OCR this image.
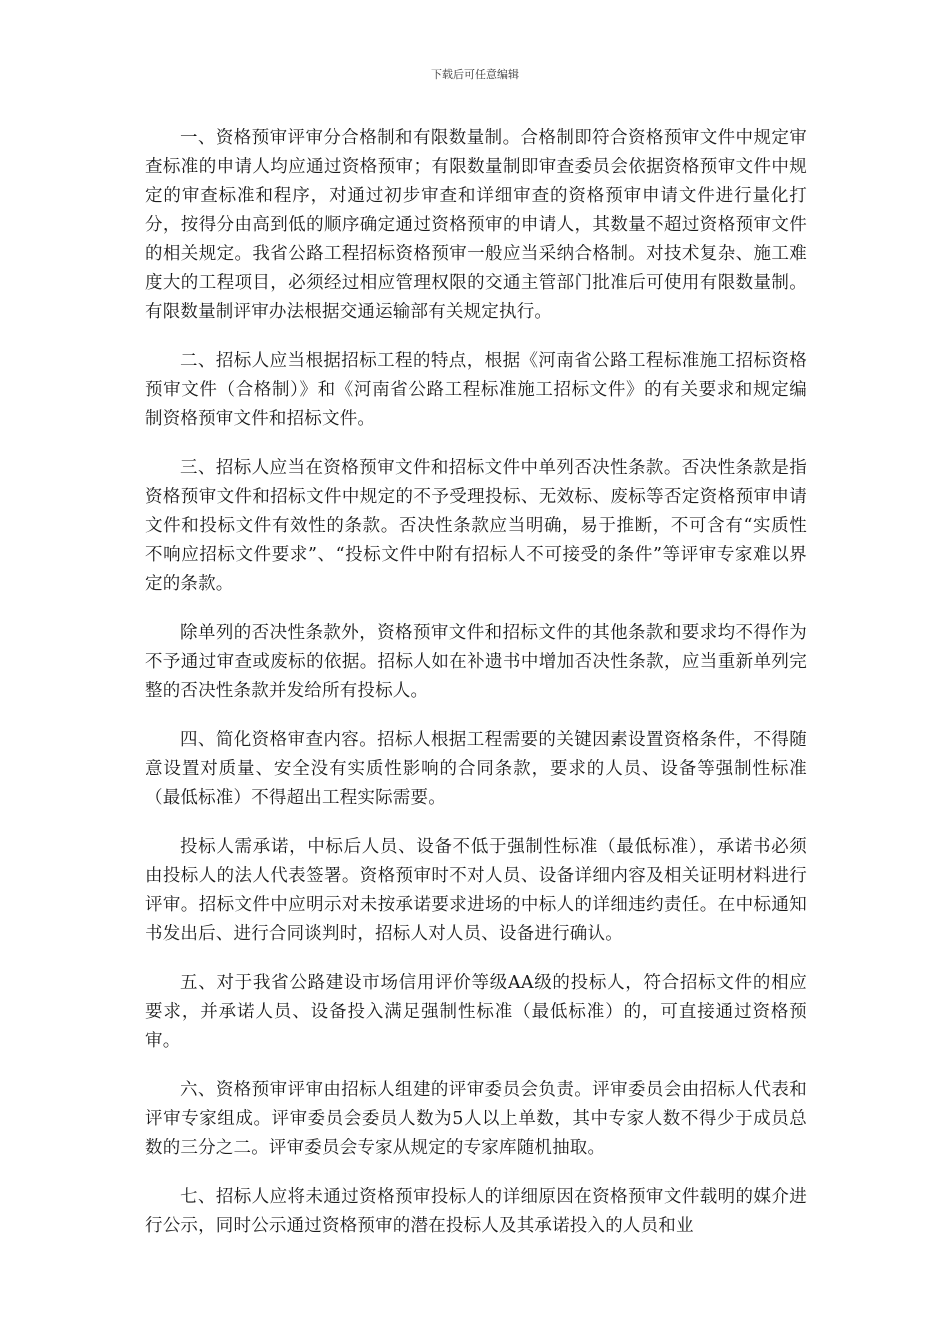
下载后可任意编辑

一、资格预审评审分合格制和有限数量制。合格制即符合资格预审文件中规定审查标准的申请人均应通过资格预审；有限数量制即审查委员会依据资格预审文件中规定的审查标准和程序，对通过初步审查和详细审查的资格预审申请文件进行量化打分，按得分由高到低的顺序确定通过资格预审的申请人，其数量不超过资格预审文件的相关规定。我省公路工程招标资格预审一般应当采纳合格制。对技术复杂、施工难度大的工程项目，必须经过相应管理权限的交通主管部门批准后可使用有限数量制。有限数量制评审办法根据交通运输部有关规定执行。

二、招标人应当根据招标工程的特点，根据《河南省公路工程标准施工招标资格预审文件（合格制）》和《河南省公路工程标准施工招标文件》的有关要求和规定编制资格预审文件和招标文件。

三、招标人应当在资格预审文件和招标文件中单列否决性条款。否决性条款是指资格预审文件和招标文件中规定的不予受理投标、无效标、废标等否定资格预审申请文件和投标文件有效性的条款。否决性条款应当明确，易于推断，不可含有“实质性不响应招标文件要求”、“投标文件中附有招标人不可接受的条件”等评审专家难以界定的条款。

除单列的否决性条款外，资格预审文件和招标文件的其他条款和要求均不得作为不予通过审查或废标的依据。招标人如在补遗书中增加否决性条款，应当重新单列完整的否决性条款并发给所有投标人。

四、简化资格审查内容。招标人根据工程需要的关键因素设置资格条件，不得随意设置对质量、安全没有实质性影响的合同条款，要求的人员、设备等强制性标准（最低标准）不得超出工程实际需要。

投标人需承诺，中标后人员、设备不低于强制性标准（最低标准），承诺书必须由投标人的法人代表签署。资格预审时不对人员、设备详细内容及相关证明材料进行评审。招标文件中应明示对未按承诺要求进场的中标人的详细违约责任。在中标通知书发出后、进行合同谈判时，招标人对人员、设备进行确认。

五、对于我省公路建设市场信用评价等级AA级的投标人，符合招标文件的相应要求，并承诺人员、设备投入满足强制性标准（最低标准）的，可直接通过资格预审。

六、资格预审评审由招标人组建的评审委员会负责。评审委员会由招标人代表和评审专家组成。评审委员会委员人数为5人以上单数，其中专家人数不得少于成员总数的三分之二。评审委员会专家从规定的专家库随机抽取。

七、招标人应将未通过资格预审投标人的详细原因在资格预审文件载明的媒介进行公示，同时公示通过资格预审的潜在投标人及其承诺投入的人员和业
